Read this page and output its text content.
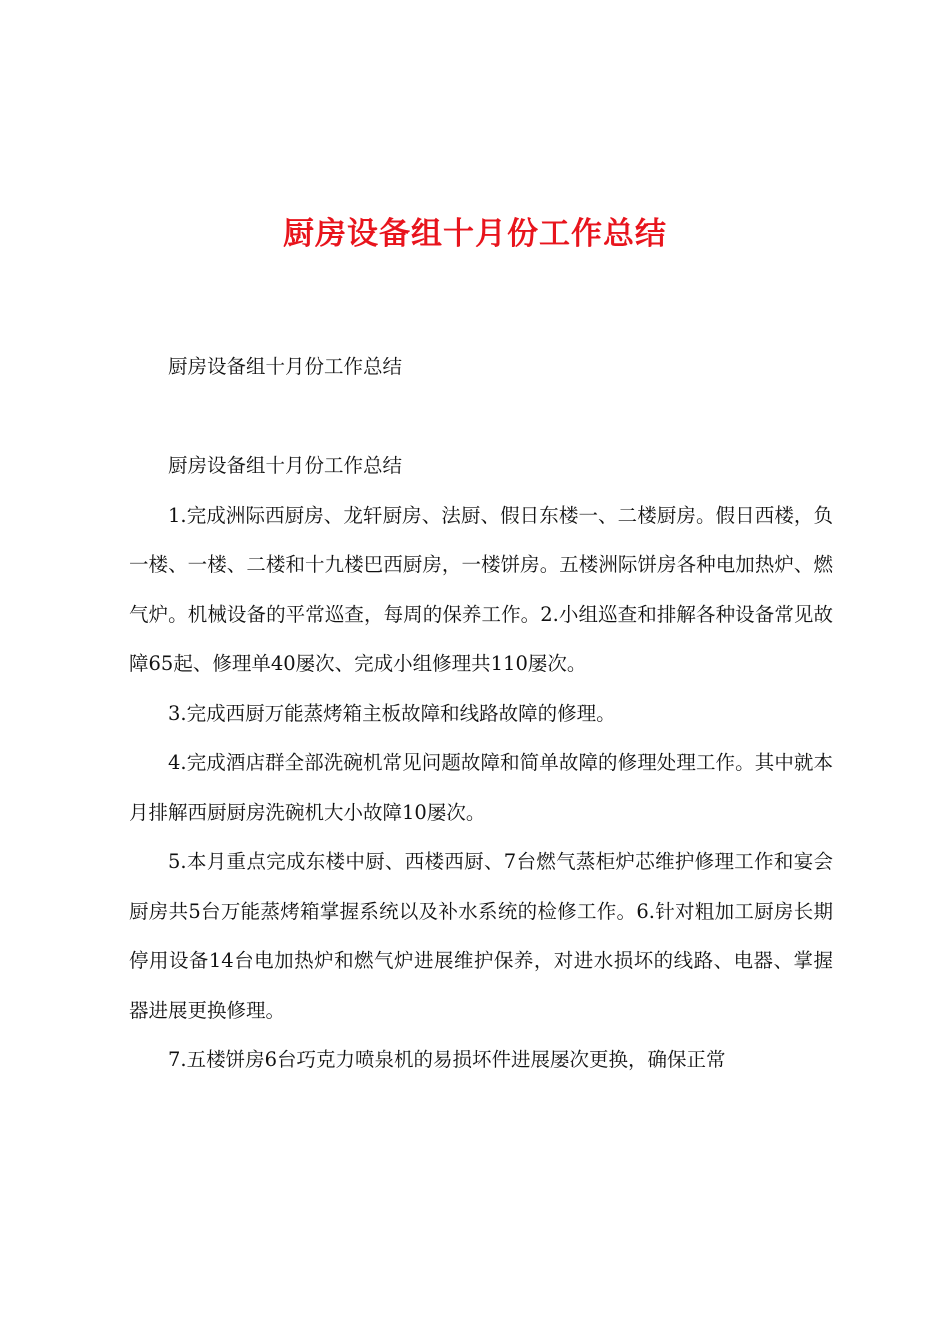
厨房设备组十月份工作总结

厨房设备组十月份工作总结

厨房设备组十月份工作总结

1.完成洲际西厨房、龙轩厨房、法厨、假日东楼一、二楼厨房。假日西楼，负一楼、一楼、二楼和十九楼巴西厨房，一楼饼房。五楼洲际饼房各种电加热炉、燃气炉。机械设备的平常巡查，每周的保养工作。2.小组巡查和排解各种设备常见故障65起、修理单40屡次、完成小组修理共110屡次。

3.完成西厨万能蒸烤箱主板故障和线路故障的修理。

4.完成酒店群全部洗碗机常见问题故障和简单故障的修理处理工作。其中就本月排解西厨厨房洗碗机大小故障10屡次。

5.本月重点完成东楼中厨、西楼西厨、7台燃气蒸柜炉芯维护修理工作和宴会厨房共5台万能蒸烤箱掌握系统以及补水系统的检修工作。6.针对粗加工厨房长期停用设备14台电加热炉和燃气炉进展维护保养，对进水损坏的线路、电器、掌握器进展更换修理。

7.五楼饼房6台巧克力喷泉机的易损坏件进展屡次更换，确保正常
